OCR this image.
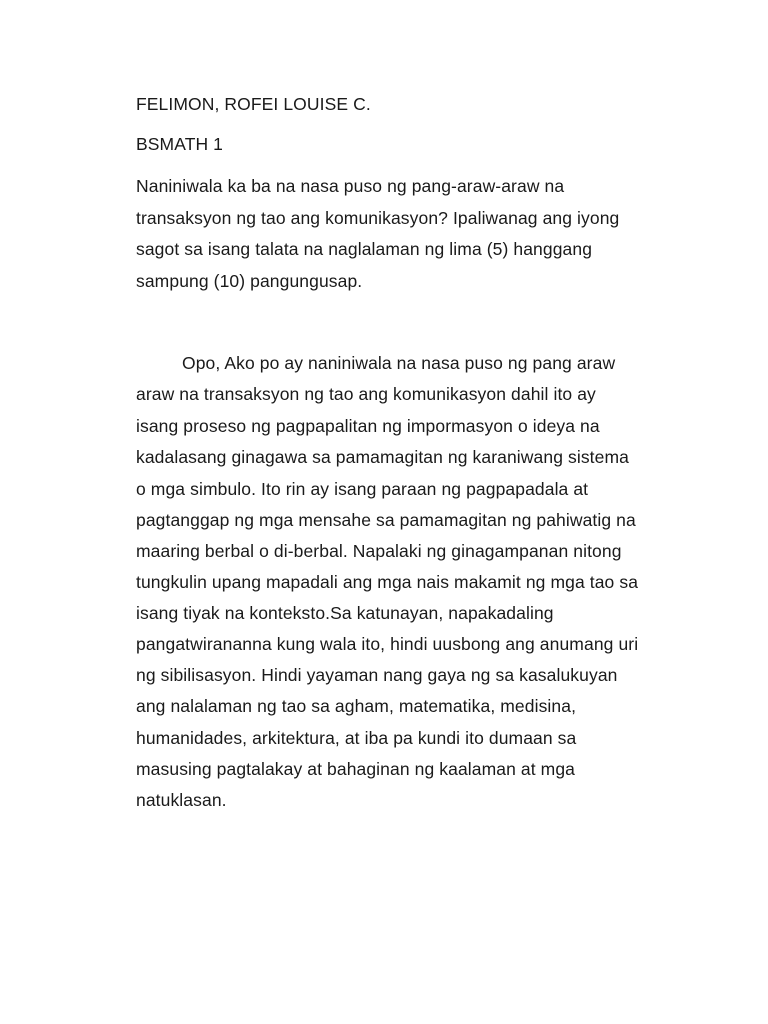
FELIMON, ROFEI LOUISE C.
BSMATH 1
Naniniwala ka ba na nasa puso ng pang-araw-araw na
transaksyon ng tao ang komunikasyon? Ipaliwanag ang iyong
sagot sa isang talata na naglalaman ng lima (5) hanggang
sampung (10) pangungusap.
Opo, Ako po ay naniniwala na nasa puso ng pang araw
araw na transaksyon ng tao ang komunikasyon dahil ito ay
isang proseso ng pagpapalitan ng impormasyon o ideya na
kadalasang ginagawa sa pamamagitan ng karaniwang sistema
o mga simbulo. Ito rin ay isang paraan ng pagpapadala at
pagtanggap ng mga mensahe sa pamamagitan ng pahiwatig na
maaring berbal o di-berbal. Napalaki ng ginagampanan nitong
tungkulin upang mapadali ang mga nais makamit ng mga tao sa
isang tiyak na konteksto.Sa katunayan, napakadaling
pangatwirananna kung wala ito, hindi uusbong ang anumang uri
ng sibilisasyon. Hindi yayaman nang gaya ng sa kasalukuyan
ang nalalaman ng tao sa agham, matematika, medisina,
humanidades, arkitektura, at iba pa kundi ito dumaan sa
masusing pagtalakay at bahaginan ng kaalaman at mga
natuklasan.
